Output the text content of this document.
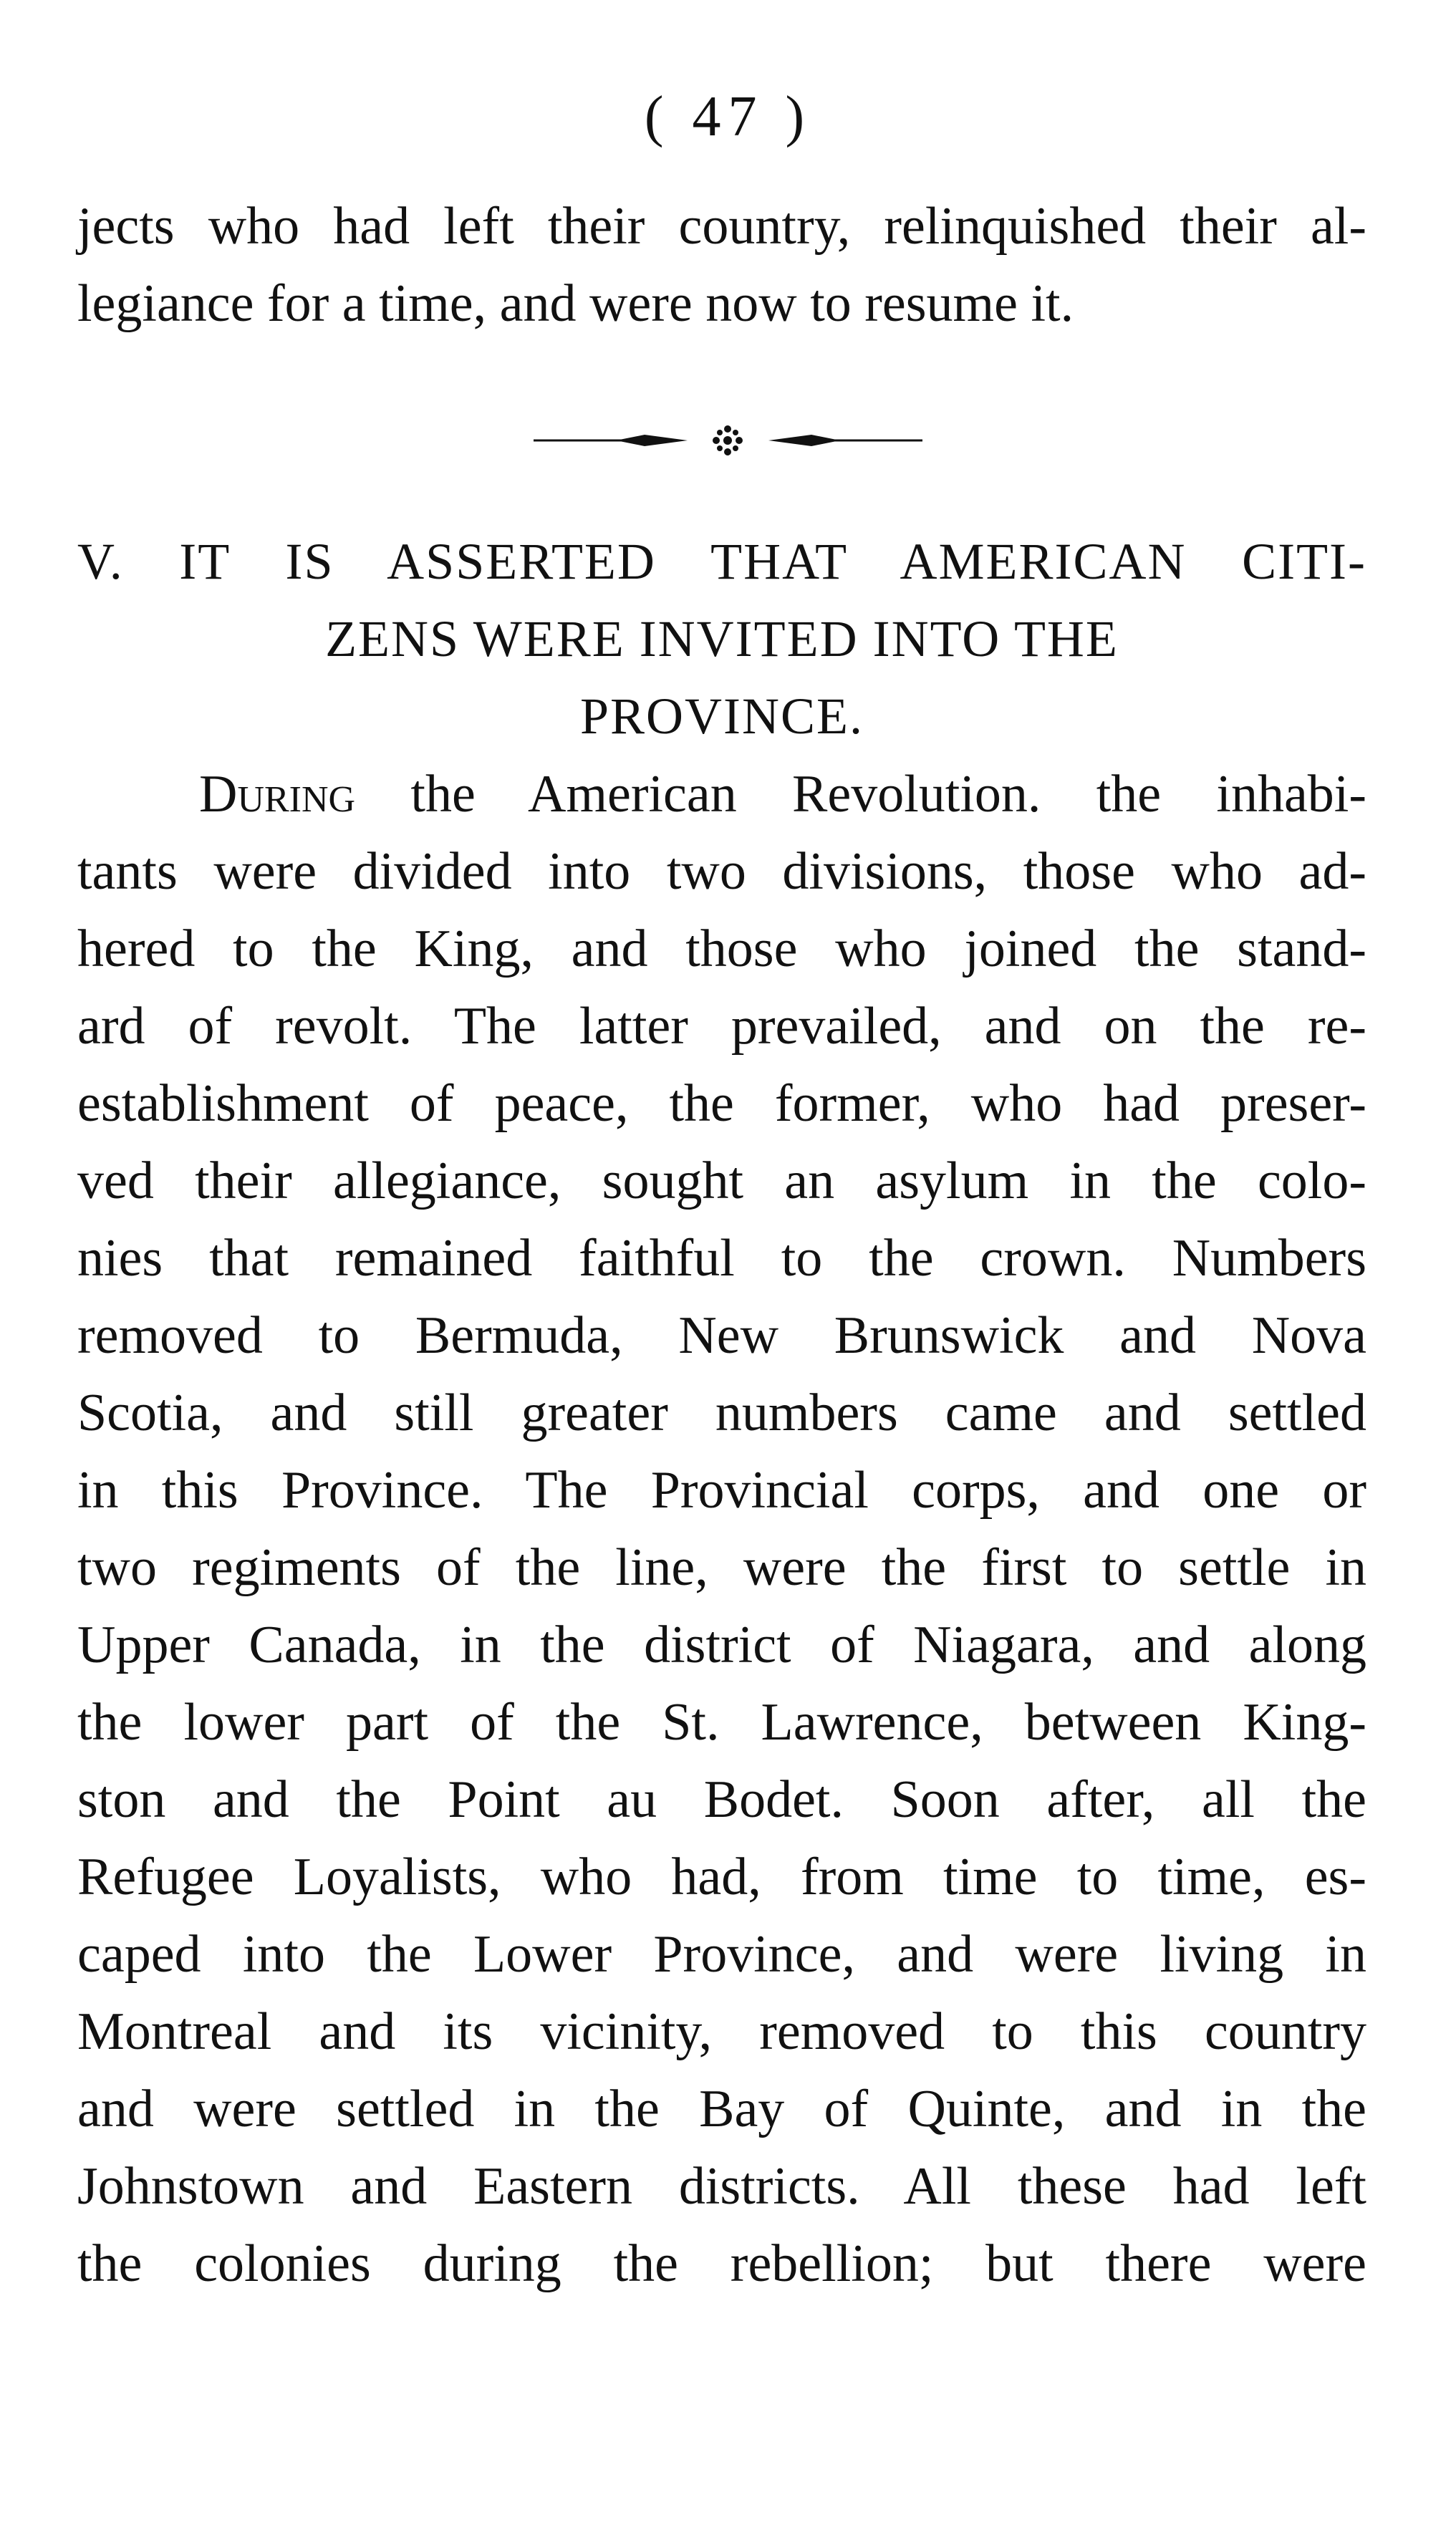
( 47 )
jects who had left their country, relinquished their al-
legiance for a time, and were now to resume it.
V. IT IS ASSERTED THAT AMERICAN CITI-
ZENS WERE INVITED INTO THE
PROVINCE.
During the American Revolution. the inhabi-
tants were divided into two divisions, those who ad-
hered to the King, and those who joined the stand-
ard of revolt. The latter prevailed, and on the re-
establishment of peace, the former, who had preser-
ved their allegiance, sought an asylum in the colo-
nies that remained faithful to the crown. Numbers
removed to Bermuda, New Brunswick and Nova
Scotia, and still greater numbers came and settled
in this Province. The Provincial corps, and one or
two regiments of the line, were the first to settle in
Upper Canada, in the district of Niagara, and along
the lower part of the St. Lawrence, between King-
ston and the Point au Bodet. Soon after, all the
Refugee Loyalists, who had, from time to time, es-
caped into the Lower Province, and were living in
Montreal and its vicinity, removed to this country
and were settled in the Bay of Quinte, and in the
Johnstown and Eastern districts. All these had left
the colonies during the rebellion; but there were
